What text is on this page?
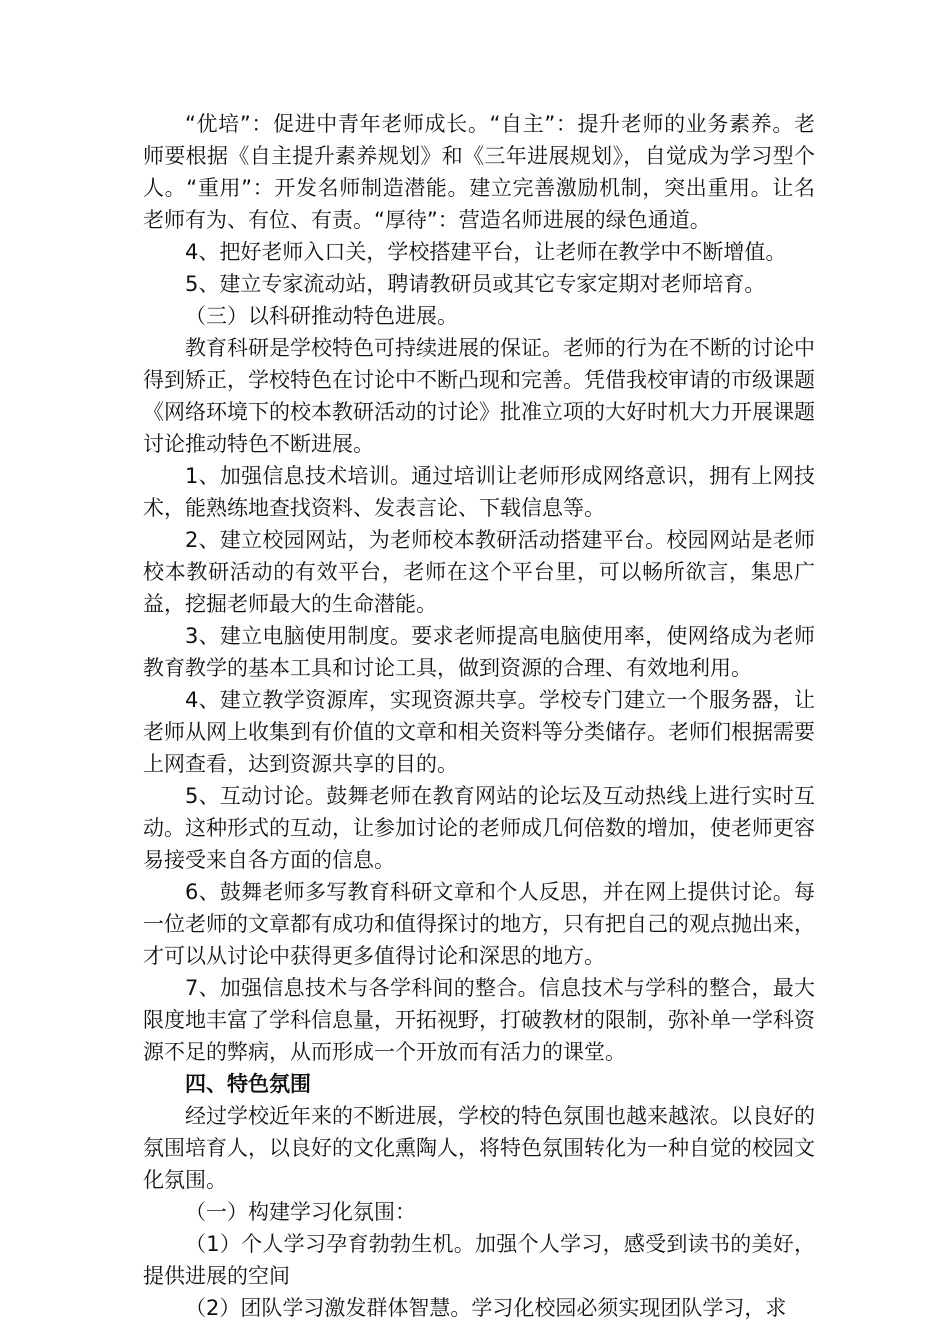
“优培”：促进中青年老师成长。“自主”：提升老师的业务素养。老师要根据《自主提升素养规划》和《三年进展规划》，自觉成为学习型个人。“重用”：开发名师制造潜能。建立完善激励机制，突出重用。让名老师有为、有位、有责。“厚待”：营造名师进展的绿色通道。

4、把好老师入口关，学校搭建平台，让老师在教学中不断增值。

5、建立专家流动站，聘请教研员或其它专家定期对老师培育。

（三）以科研推动特色进展。

教育科研是学校特色可持续进展的保证。老师的行为在不断的讨论中得到矫正，学校特色在讨论中不断凸现和完善。凭借我校审请的市级课题《网络环境下的校本教研活动的讨论》批准立项的大好时机大力开展课题讨论推动特色不断进展。

1、加强信息技术培训。通过培训让老师形成网络意识，拥有上网技术，能熟练地查找资料、发表言论、下载信息等。

2、建立校园网站，为老师校本教研活动搭建平台。校园网站是老师校本教研活动的有效平台，老师在这个平台里，可以畅所欲言，集思广益，挖掘老师最大的生命潜能。

3、建立电脑使用制度。要求老师提高电脑使用率，使网络成为老师教育教学的基本工具和讨论工具，做到资源的合理、有效地利用。

4、建立教学资源库，实现资源共享。学校专门建立一个服务器，让老师从网上收集到有价值的文章和相关资料等分类储存。老师们根据需要上网查看，达到资源共享的目的。

5、互动讨论。鼓舞老师在教育网站的论坛及互动热线上进行实时互动。这种形式的互动，让参加讨论的老师成几何倍数的增加，使老师更容易接受来自各方面的信息。

6、鼓舞老师多写教育科研文章和个人反思，并在网上提供讨论。每一位老师的文章都有成功和值得探讨的地方，只有把自己的观点抛出来，才可以从讨论中获得更多值得讨论和深思的地方。

7、加强信息技术与各学科间的整合。信息技术与学科的整合，最大限度地丰富了学科信息量，开拓视野，打破教材的限制，弥补单一学科资源不足的弊病，从而形成一个开放而有活力的课堂。

四、特色氛围

经过学校近年来的不断进展，学校的特色氛围也越来越浓。以良好的氛围培育人，以良好的文化熏陶人，将特色氛围转化为一种自觉的校园文化氛围。

（一）构建学习化氛围：

（1）个人学习孕育勃勃生机。加强个人学习，感受到读书的美好，提供进展的空间

（2）团队学习激发群体智慧。学习化校园必须实现团队学习，求
